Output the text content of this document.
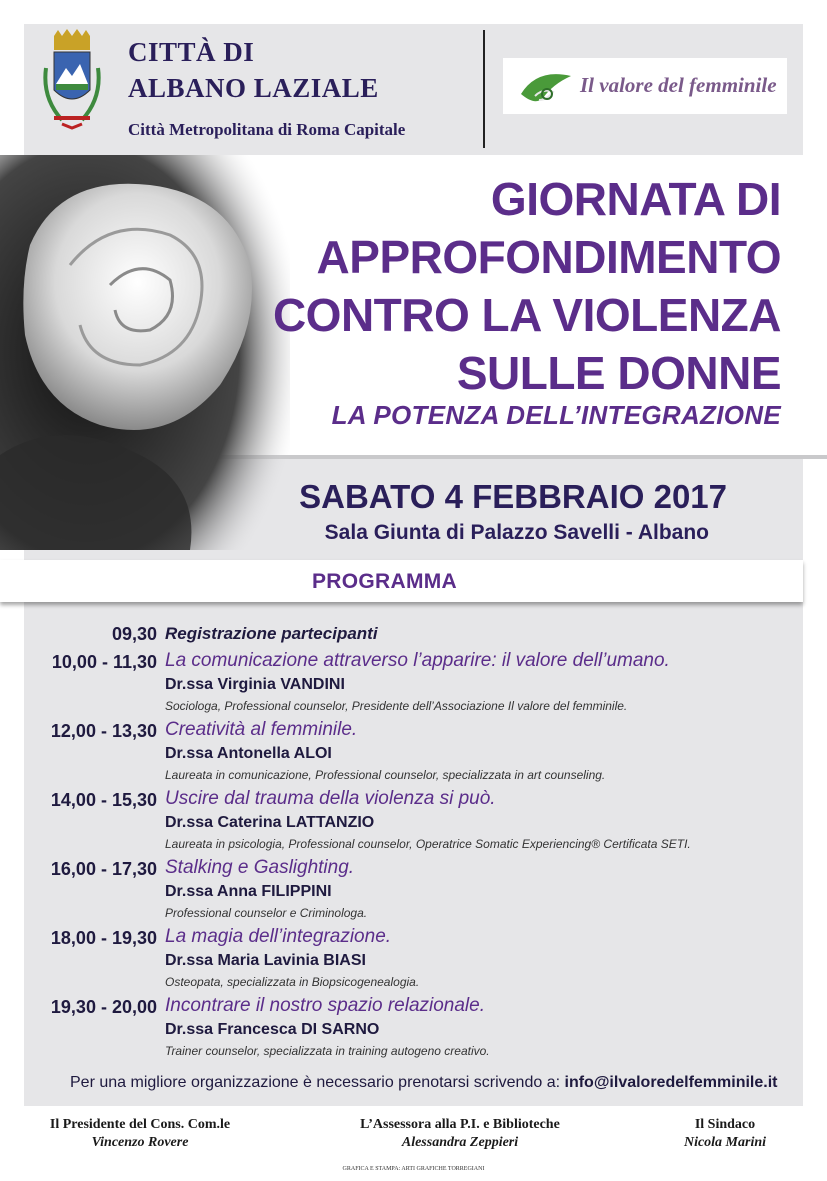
CITTÀ DI
ALBANO LAZIALE
Città Metropolitana di Roma Capitale
Il valore del femminile
GIORNATA DI
APPROFONDIMENTO
CONTRO LA VIOLENZA
SULLE DONNE
LA POTENZA DELL’INTEGRAZIONE
SABATO 4 FEBBRAIO 2017
Sala Giunta di Palazzo Savelli - Albano
PROGRAMMA
09,30 Registrazione partecipanti
10,00 - 11,30 La comunicazione attraverso l’apparire: il valore dell’umano.
Dr.ssa Virginia VANDINI
Sociologa, Professional counselor, Presidente dell’Associazione Il valore del femminile.
12,00 - 13,30 Creatività al femminile.
Dr.ssa Antonella ALOI
Laureata in comunicazione, Professional counselor, specializzata in art counseling.
14,00 - 15,30 Uscire dal trauma della violenza si può.
Dr.ssa Caterina LATTANZIO
Laureata in psicologia, Professional counselor, Operatrice Somatic Experiencing® Certificata SETI.
16,00 - 17,30 Stalking e Gaslighting.
Dr.ssa Anna FILIPPINI
Professional counselor e Criminologa.
18,00 - 19,30 La magia dell’integrazione.
Dr.ssa Maria Lavinia BIASI
Osteopata, specializzata in Biopsicogenealogia.
19,30 - 20,00 Incontrare il nostro spazio relazionale.
Dr.ssa Francesca DI SARNO
Trainer counselor, specializzata in training autogeno creativo.
Per una migliore organizzazione è necessario prenotarsi scrivendo a: info@ilvaloredelfemminile.it
Il Presidente del Cons. Com.le
Vincenzo Rovere
L’Assessora alla P.I. e Biblioteche
Alessandra Zeppieri
Il Sindaco
Nicola Marini
GRAFICA E STAMPA: ARTI GRAFICHE TORREGIANI
